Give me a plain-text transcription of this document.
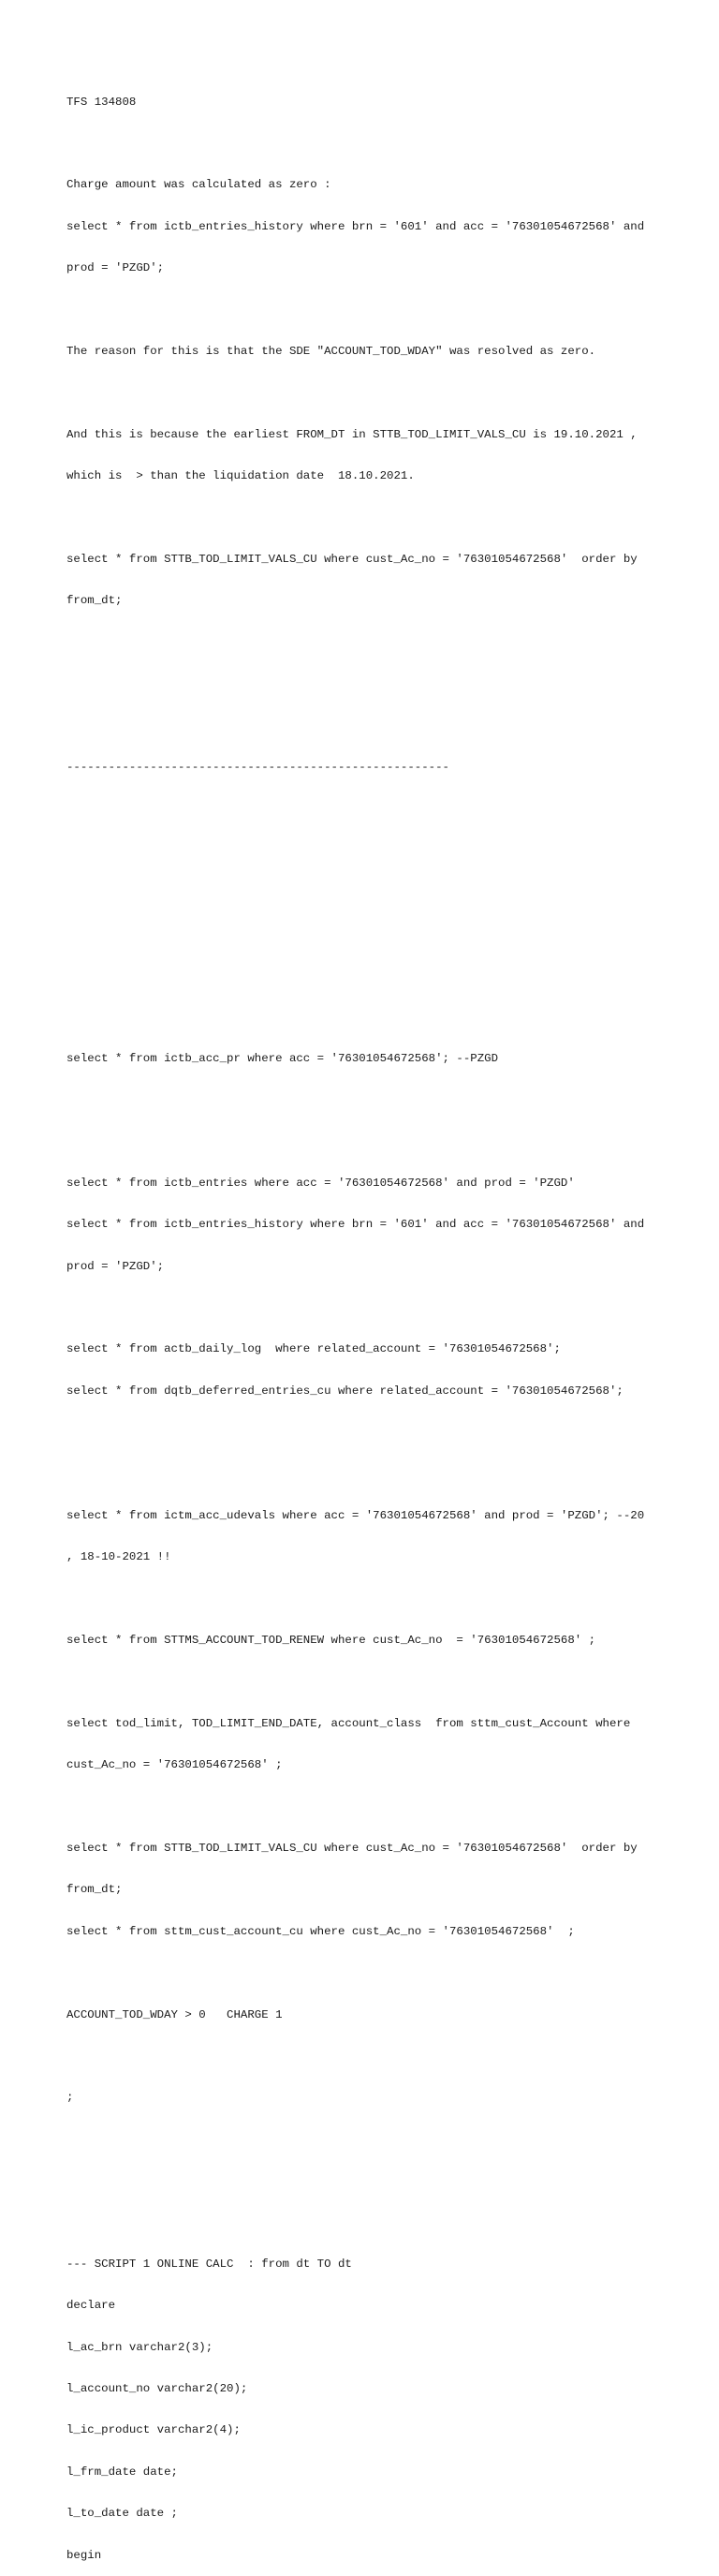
TFS 134808

Charge amount was calculated as zero :

select * from ictb_entries_history where brn = '601' and acc = '76301054672568' and

prod = 'PZGD';

The reason for this is that the SDE "ACCOUNT_TOD_WDAY" was resolved as zero.

And this is because the earliest FROM_DT in STTB_TOD_LIMIT_VALS_CU is 19.10.2021 ,

which is  > than the liquidation date  18.10.2021.

select * from STTB_TOD_LIMIT_VALS_CU where cust_Ac_no = '76301054672568'  order by

from_dt;

-------------------------------------------------------

select * from ictb_acc_pr where acc = '76301054672568'; --PZGD

select * from ictb_entries where acc = '76301054672568' and prod = 'PZGD'

select * from ictb_entries_history where brn = '601' and acc = '76301054672568' and

prod = 'PZGD';

select * from actb_daily_log  where related_account = '76301054672568';

select * from dqtb_deferred_entries_cu where related_account = '76301054672568';

select * from ictm_acc_udevals where acc = '76301054672568' and prod = 'PZGD'; --20

, 18-10-2021 !!

select * from STTMS_ACCOUNT_TOD_RENEW where cust_Ac_no  = '76301054672568' ;

select tod_limit, TOD_LIMIT_END_DATE, account_class  from sttm_cust_Account where

cust_Ac_no = '76301054672568' ;

select * from STTB_TOD_LIMIT_VALS_CU where cust_Ac_no = '76301054672568'  order by

from_dt;

select * from sttm_cust_account_cu where cust_Ac_no = '76301054672568'  ;

ACCOUNT_TOD_WDAY > 0   CHARGE 1

;

--- SCRIPT 1 ONLINE CALC  : from dt TO dt

declare

l_ac_brn varchar2(3);

l_account_no varchar2(20);

l_ic_product varchar2(4);

l_frm_date date;

l_to_date date ;

begin
